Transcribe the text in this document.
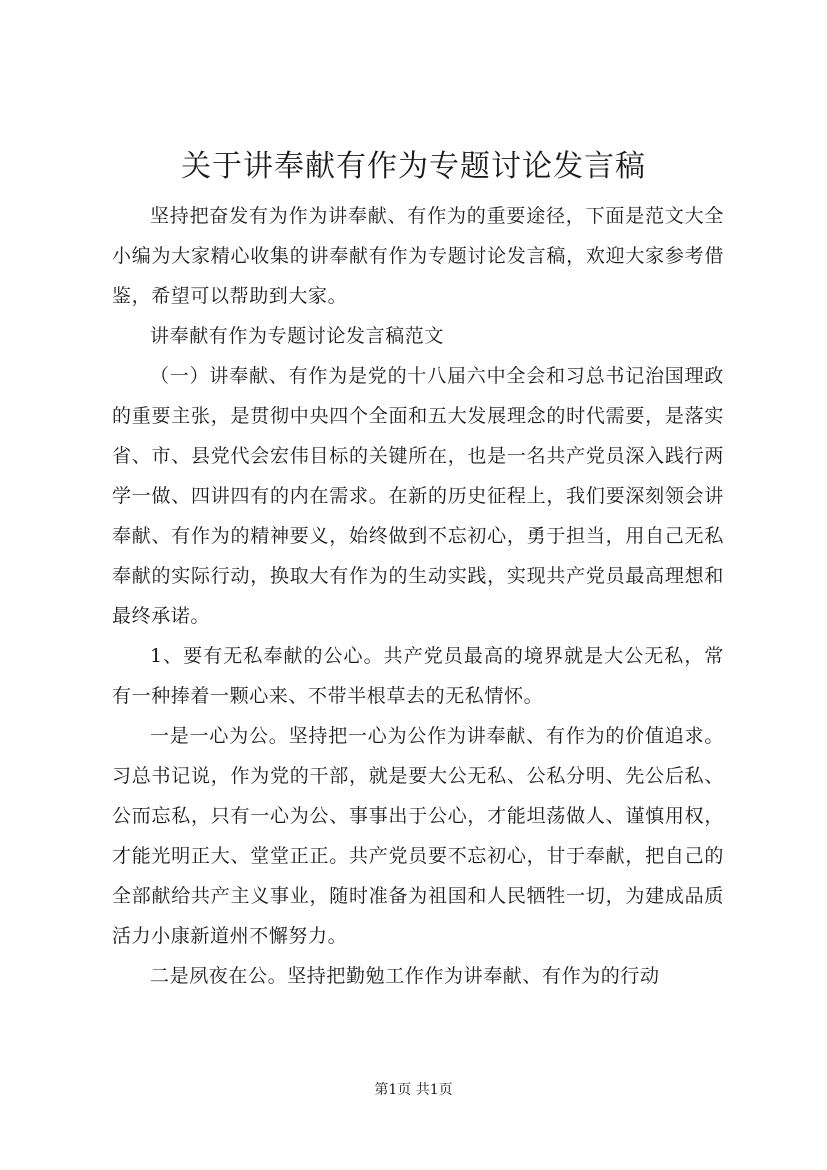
关于讲奉献有作为专题讨论发言稿

坚持把奋发有为作为讲奉献、有作为的重要途径，下面是范文大全小编为大家精心收集的讲奉献有作为专题讨论发言稿，欢迎大家参考借鉴，希望可以帮助到大家。

讲奉献有作为专题讨论发言稿范文

（一）讲奉献、有作为是党的十八届六中全会和习总书记治国理政的重要主张，是贯彻中央四个全面和五大发展理念的时代需要，是落实省、市、县党代会宏伟目标的关键所在，也是一名共产党员深入践行两学一做、四讲四有的内在需求。在新的历史征程上，我们要深刻领会讲奉献、有作为的精神要义，始终做到不忘初心，勇于担当，用自己无私奉献的实际行动，换取大有作为的生动实践，实现共产党员最高理想和最终承诺。

1、要有无私奉献的公心。共产党员最高的境界就是大公无私，常有一种捧着一颗心来、不带半根草去的无私情怀。

一是一心为公。坚持把一心为公作为讲奉献、有作为的价值追求。习总书记说，作为党的干部，就是要大公无私、公私分明、先公后私、公而忘私，只有一心为公、事事出于公心，才能坦荡做人、谨慎用权，才能光明正大、堂堂正正。共产党员要不忘初心，甘于奉献，把自己的全部献给共产主义事业，随时准备为祖国和人民牺牲一切，为建成品质活力小康新道州不懈努力。

二是夙夜在公。坚持把勤勉工作作为讲奉献、有作为的行动

第1页 共1页
